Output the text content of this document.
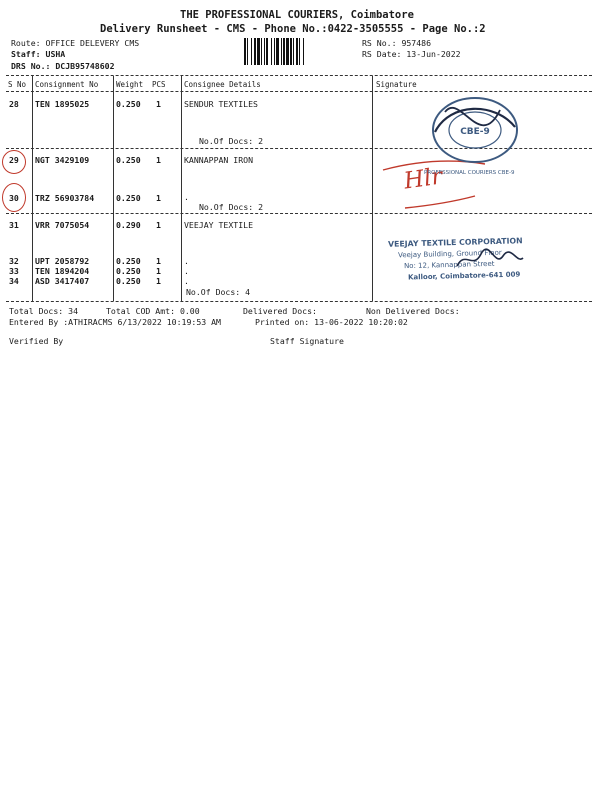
THE PROFESSIONAL COURIERS, Coimbatore
Delivery Runsheet - CMS - Phone No.:0422-3505555 - Page No.:2
Route: OFFICE DELEVERY CMS
Staff: USHA
DRS No.: DCJB95748602
RS No.: 957486
RS Date: 13-Jun-2022
S No Consignment No Weight PCS Consignee Details	Signature
28 TEN 1895025	0.250 1	SENDUR TEXTILES
No.Of Docs: 2
29 NGT 3429109	0.250 1	KANNAPPAN IRON
30 TRZ 56903784	0.250 1	.
No.Of Docs: 2
31 VRR 7075054	0.290 1	VEEJAY TEXTILE
32 UPT 2058792	0.250 1	.
33 TEN 1894204	0.250 1	.
34 ASD 3417407	0.250 1	.
No.Of Docs: 4
Hlr
CBE-9
PROFESSIONAL COURIERS CBE-9
VEEJAY TEXTILE CORPORATION
Veejay Building, Ground Floor
No: 12, Kannappan Street
Kalloor, Coimbatore-641 009
Total Docs: 34	Total COD Amt: 0.00	Delivered Docs:	Non Delivered Docs:
Entered By :ATHIRACMS 6/13/2022 10:19:53 AM	Printed on: 13-06-2022 10:20:02
Verified By	Staff Signature
